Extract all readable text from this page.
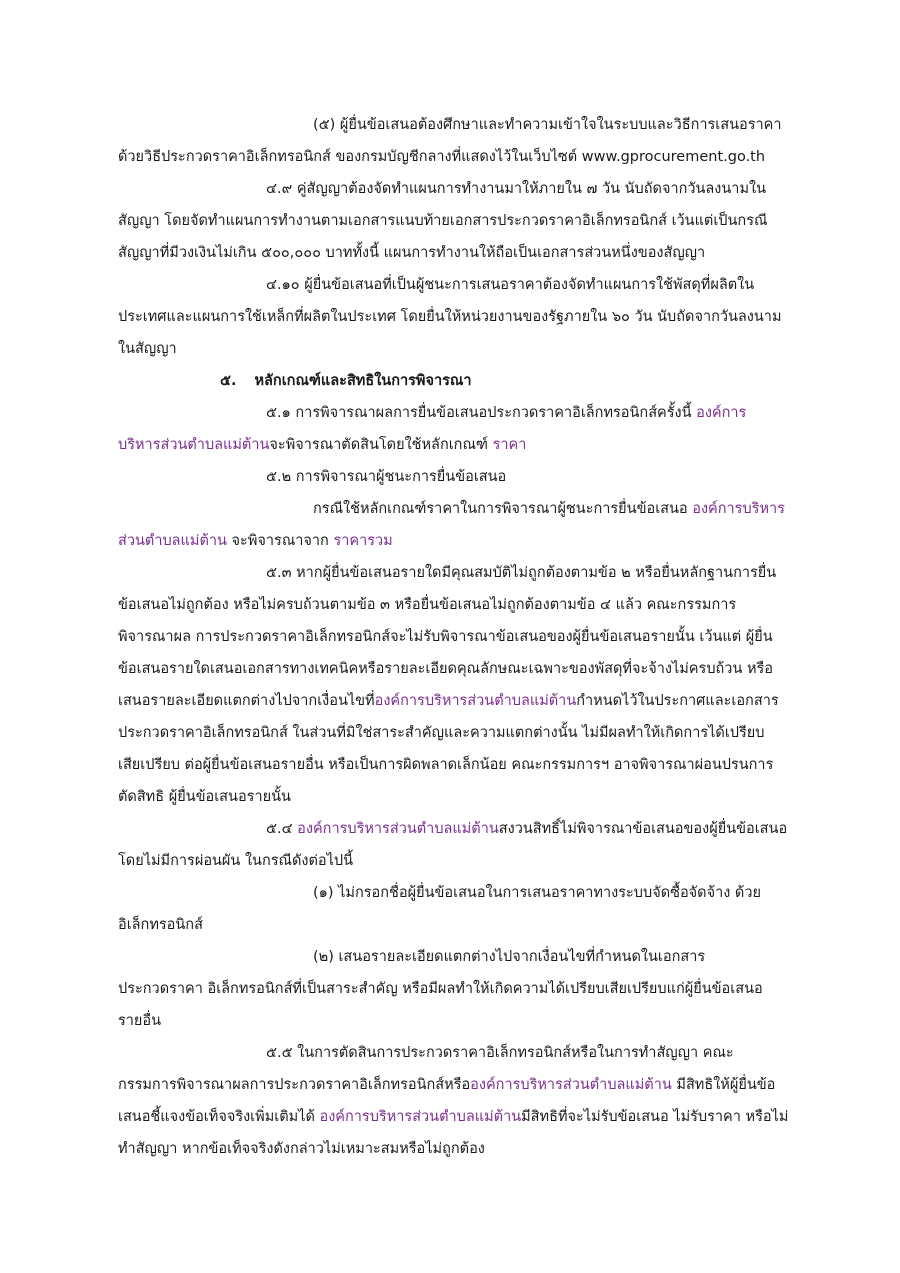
(๕) ผู้ยื่นข้อเสนอต้องศึกษาและทำความเข้าใจในระบบและวิธีการเสนอราคา
ด้วยวิธีประกวดราคาอิเล็กทรอนิกส์ ของกรมบัญชีกลางที่แสดงไว้ในเว็บไซต์ www.gprocurement.go.th
๔.๙ คู่สัญญาต้องจัดทำแผนการทำงานมาให้ภายใน ๗ วัน นับถัดจากวันลงนามใน
สัญญา โดยจัดทำแผนการทำงานตามเอกสารแนบท้ายเอกสารประกวดราคาอิเล็กทรอนิกส์ เว้นแต่เป็นกรณี
สัญญาที่มีวงเงินไม่เกิน ๕๐๐,๐๐๐ บาททั้งนี้ แผนการทำงานให้ถือเป็นเอกสารส่วนหนึ่งของสัญญา
๔.๑๐ ผู้ยื่นข้อเสนอที่เป็นผู้ชนะการเสนอราคาต้องจัดทำแผนการใช้พัสดุที่ผลิตใน
ประเทศและแผนการใช้เหล็กที่ผลิตในประเทศ โดยยื่นให้หน่วยงานของรัฐภายใน ๖๐ วัน นับถัดจากวันลงนาม
ในสัญญา
๕. หลักเกณฑ์และสิทธิในการพิจารณา
๕.๑ การพิจารณาผลการยื่นข้อเสนอประกวดราคาอิเล็กทรอนิกส์ครั้งนี้ องค์การ
บริหารส่วนตำบลแม่ต้านจะพิจารณาตัดสินโดยใช้หลักเกณฑ์ ราคา
๕.๒ การพิจารณาผู้ชนะการยื่นข้อเสนอ
กรณีใช้หลักเกณฑ์ราคาในการพิจารณาผู้ชนะการยื่นข้อเสนอ องค์การบริหาร
ส่วนตำบลแม่ต้าน จะพิจารณาจาก ราคารวม
๕.๓ หากผู้ยื่นข้อเสนอรายใดมีคุณสมบัติไม่ถูกต้องตามข้อ ๒ หรือยื่นหลักฐานการยื่น
ข้อเสนอไม่ถูกต้อง หรือไม่ครบถ้วนตามข้อ ๓ หรือยื่นข้อเสนอไม่ถูกต้องตามข้อ ๔ แล้ว คณะกรรมการ
พิจารณาผล การประกวดราคาอิเล็กทรอนิกส์จะไม่รับพิจารณาข้อเสนอของผู้ยื่นข้อเสนอรายนั้น เว้นแต่ ผู้ยื่น
ข้อเสนอรายใดเสนอเอกสารทางเทคนิคหรือรายละเอียดคุณลักษณะเฉพาะของพัสดุที่จะจ้างไม่ครบถ้วน หรือ
เสนอรายละเอียดแตกต่างไปจากเงื่อนไขที่องค์การบริหารส่วนตำบลแม่ต้านกำหนดไว้ในประกาศและเอกสาร
ประกวดราคาอิเล็กทรอนิกส์ ในส่วนที่มิใช่สาระสำคัญและความแตกต่างนั้น ไม่มีผลทำให้เกิดการได้เปรียบ
เสียเปรียบ ต่อผู้ยื่นข้อเสนอรายอื่น หรือเป็นการผิดพลาดเล็กน้อย คณะกรรมการฯ อาจพิจารณาผ่อนปรนการ
ตัดสิทธิ ผู้ยื่นข้อเสนอรายนั้น
๕.๔ องค์การบริหารส่วนตำบลแม่ต้านสงวนสิทธิ์ไม่พิจารณาข้อเสนอของผู้ยื่นข้อเสนอ
โดยไม่มีการผ่อนผัน ในกรณีดังต่อไปนี้
(๑) ไม่กรอกชื่อผู้ยื่นข้อเสนอในการเสนอราคาทางระบบจัดซื้อจัดจ้าง ด้วย
อิเล็กทรอนิกส์
(๒) เสนอรายละเอียดแตกต่างไปจากเงื่อนไขที่กำหนดในเอกสาร
ประกวดราคา อิเล็กทรอนิกส์ที่เป็นสาระสำคัญ หรือมีผลทำให้เกิดความได้เปรียบเสียเปรียบแก่ผู้ยื่นข้อเสนอ
รายอื่น
๕.๕ ในการตัดสินการประกวดราคาอิเล็กทรอนิกส์หรือในการทำสัญญา คณะ
กรรมการพิจารณาผลการประกวดราคาอิเล็กทรอนิกส์หรือองค์การบริหารส่วนตำบลแม่ต้าน มีสิทธิให้ผู้ยื่นข้อ
เสนอชี้แจงข้อเท็จจริงเพิ่มเติมได้ องค์การบริหารส่วนตำบลแม่ต้านมีสิทธิที่จะไม่รับข้อเสนอ ไม่รับราคา หรือไม่
ทำสัญญา หากข้อเท็จจริงดังกล่าวไม่เหมาะสมหรือไม่ถูกต้อง
